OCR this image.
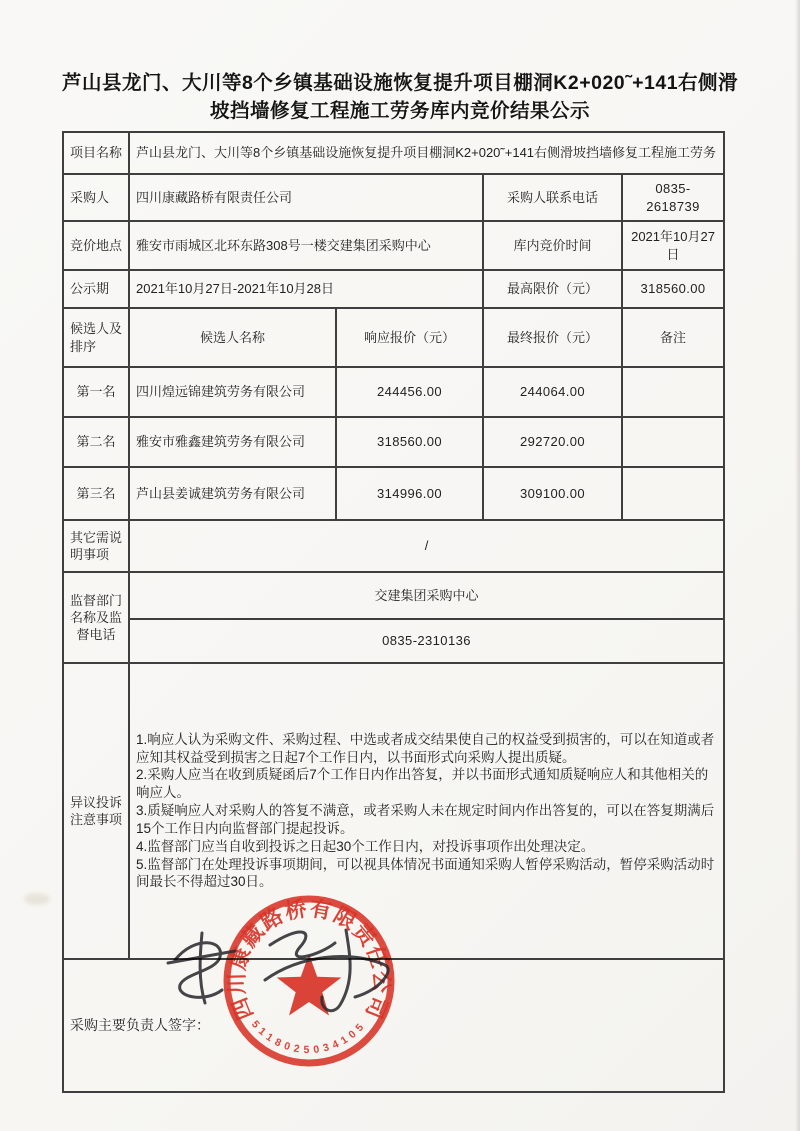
芦山县龙门、大川等8个乡镇基础设施恢复提升项目棚洞K2+020˜+141右侧滑
坡挡墙修复工程施工劳务库内竞价结果公示
项目名称	芦山县龙门、大川等8个乡镇基础设施恢复提升项目棚洞K2+020˜+141右侧滑坡挡墙修复工程施工劳务			
采购人	四川康藏路桥有限责任公司		采购人联系电话	0835-2618739
竞价地点	雅安市雨城区北环东路308号一楼交建集团采购中心		库内竞价时间	2021年10月27日
公示期	2021年10月27日-2021年10月28日		最高限价（元）	318560.00
候选人及排序	候选人名称	响应报价（元）	最终报价（元）	备注
第一名	四川煌远锦建筑劳务有限公司	244456.00	244064.00	
第二名	雅安市雅鑫建筑劳务有限公司	318560.00	292720.00	
第三名	芦山县姜诚建筑劳务有限公司	314996.00	309100.00	
其它需说明事项	/			
监督部门名称及监督电话	交建集团采购中心			
	0835-2310136			
异议投诉注意事项	1.响应人认为采购文件、采购过程、中选或者成交结果使自己的权益受到损害的，可以在知道或者应知其权益受到损害之日起7个工作日内，以书面形式向采购人提出质疑。

2.采购人应当在收到质疑函后7个工作日内作出答复，并以书面形式通知质疑响应人和其他相关的响应人。

3.质疑响应人对采购人的答复不满意，或者采购人未在规定时间内作出答复的，可以在答复期满后15个工作日内向监督部门提起投诉。

4.监督部门应当自收到投诉之日起30个工作日内，对投诉事项作出处理决定。

5.监督部门在处理投诉事项期间，可以视具体情况书面通知采购人暂停采购活动，暂停采购活动时间最长不得超过30日。			

采购主要负责人签字：				
四川康藏路桥有限责任公司
5118025034105
